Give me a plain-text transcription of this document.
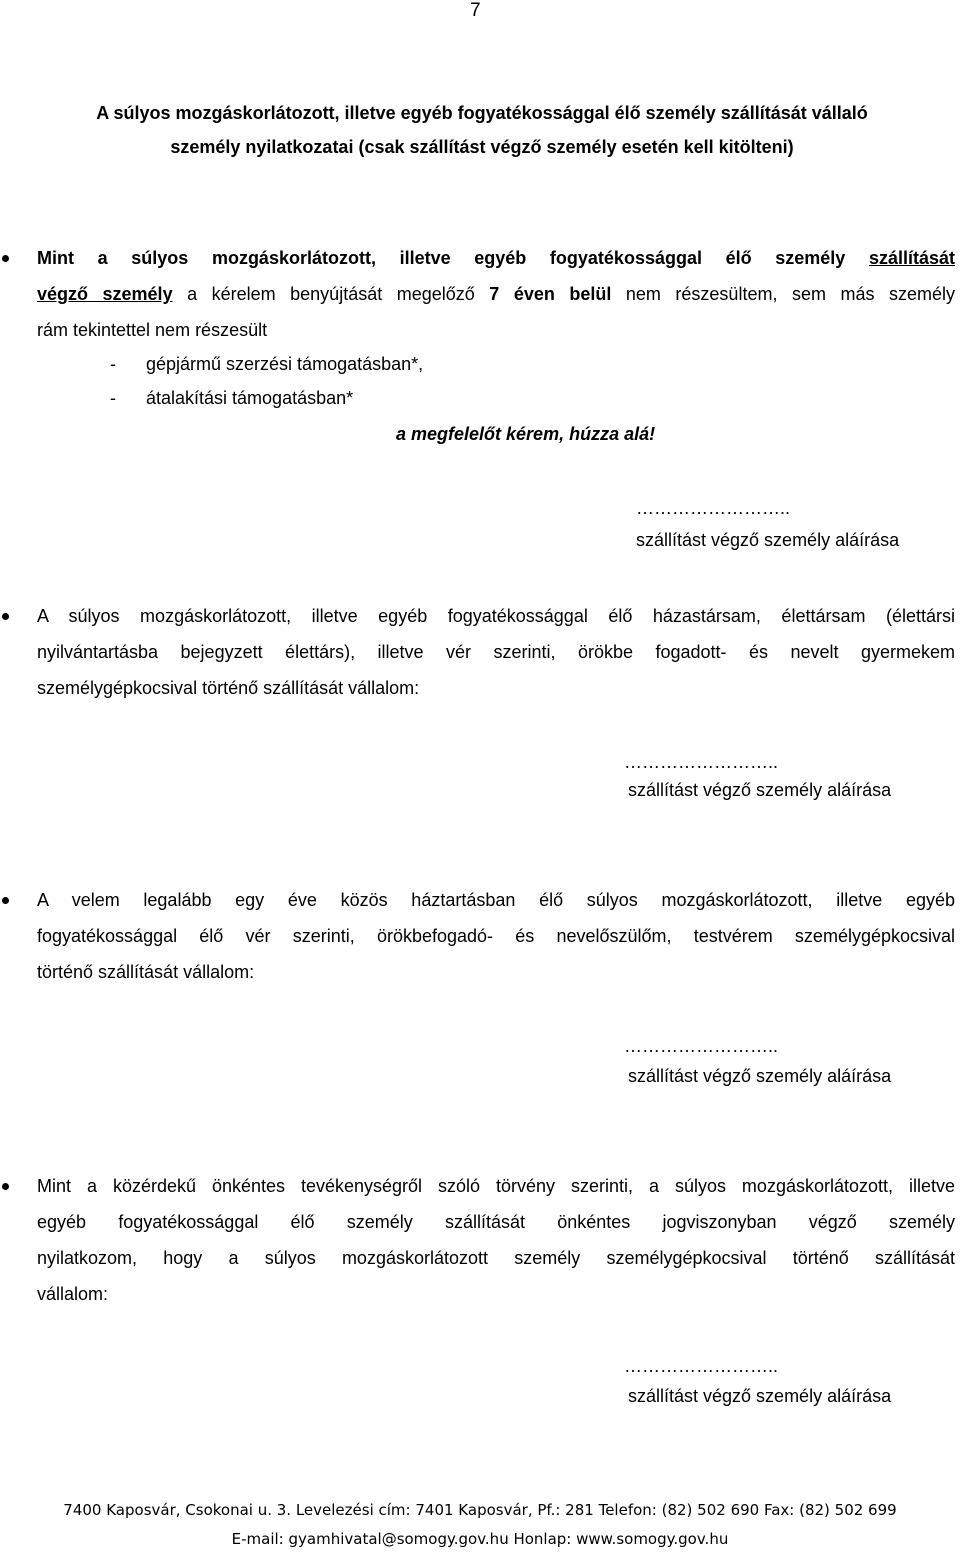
7
A súlyos mozgáskorlátozott, illetve egyéb fogyatékossággal élő személy szállítását vállaló
személy nyilatkozatai (csak szállítást végző személy esetén kell kitölteni)
Mint a súlyos mozgáskorlátozott, illetve egyéb fogyatékossággal élő személy szállítását
végző személy a kérelem benyújtását megelőző 7 éven belül nem részesültem, sem más személy
rám tekintettel nem részesült
- gépjármű szerzési támogatásban*,
- átalakítási támogatásban*
a megfelelőt kérem, húzza alá!
……………………..
szállítást végző személy aláírása
A súlyos mozgáskorlátozott, illetve egyéb fogyatékossággal élő házastársam, élettársam (élettársi
nyilvántartásba bejegyzett élettárs), illetve vér szerinti, örökbe fogadott- és nevelt gyermekem
személygépkocsival történő szállítását vállalom:
……………………..
szállítást végző személy aláírása
A velem legalább egy éve közös háztartásban élő súlyos mozgáskorlátozott, illetve egyéb
fogyatékossággal élő vér szerinti, örökbefogadó- és nevelőszülőm, testvérem személygépkocsival
történő szállítását vállalom:
……………………..
szállítást végző személy aláírása
Mint a közérdekű önkéntes tevékenységről szóló törvény szerinti, a súlyos mozgáskorlátozott, illetve
egyéb fogyatékossággal élő személy szállítását önkéntes jogviszonyban végző személy
nyilatkozom, hogy a súlyos mozgáskorlátozott személy személygépkocsival történő szállítását
vállalom:
……………………..
szállítást végző személy aláírása
7400 Kaposvár, Csokonai u. 3. Levelezési cím: 7401 Kaposvár, Pf.: 281 Telefon: (82) 502 690 Fax: (82) 502 699
E-mail: gyamhivatal@somogy.gov.hu Honlap: www.somogy.gov.hu
